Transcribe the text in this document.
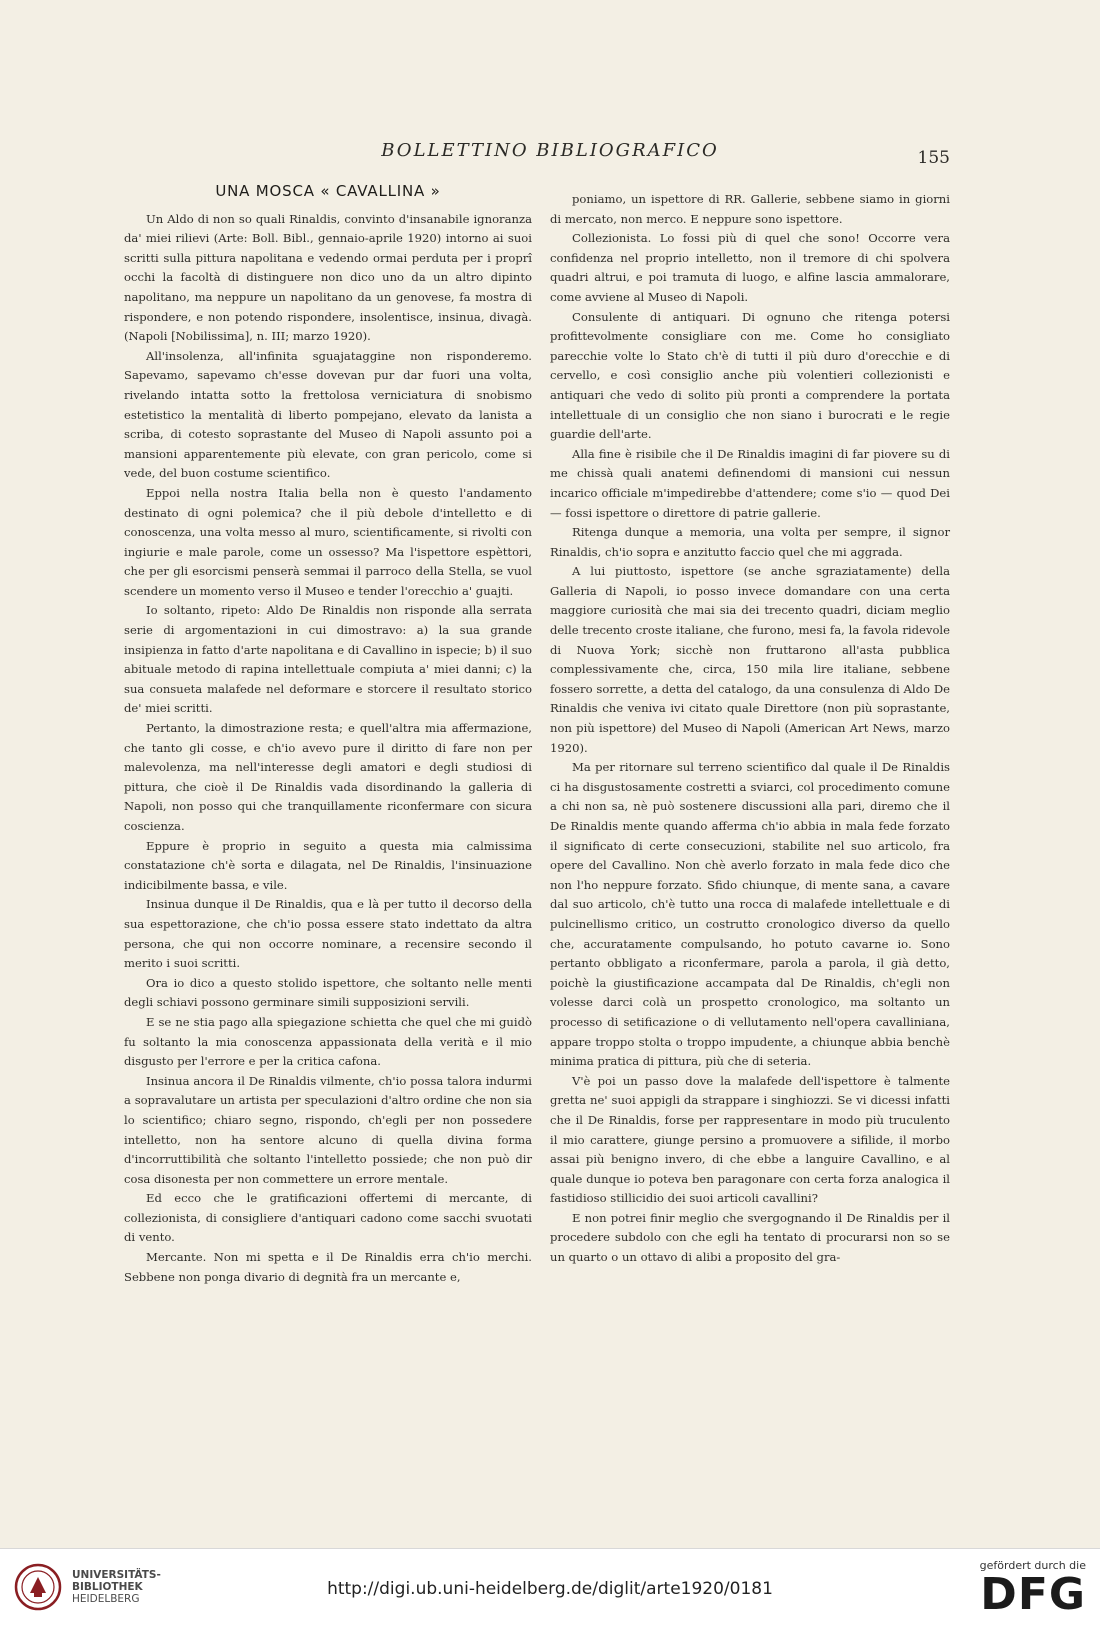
BOLLETTINO BIBLIOGRAFICO	155
UNA MOSCA « CAVALLINA »

Un Aldo di non so quali Rinaldis, convinto d'insanabile ignoranza da' miei rilievi (Arte: Boll. Bibl., gennaio-aprile 1920) intorno ai suoi scritti sulla pittura napolitana e vedendo ormai perduta per i proprî occhi la facoltà di distinguere non dico uno da un altro dipinto napolitano, ma neppure un napolitano da un genovese, fa mostra di rispondere, e non potendo rispondere, insolentisce, insinua, divagà. (Napoli [Nobilissima], n. III; marzo 1920).

All'insolenza, all'infinita sguajataggine non risponderemo. Sapevamo, sapevamo ch'esse dovevan pur dar fuori una volta, rivelando intatta sotto la frettolosa verniciatura di snobismo estetistico la mentalità di liberto pompejano, elevato da lanista a scriba, di cotesto soprastante del Museo di Napoli assunto poi a mansioni apparentemente più elevate, con gran pericolo, come si vede, del buon costume scientifico.

Eppoi nella nostra Italia bella non è questo l'andamento destinato di ogni polemica? che il più debole d'intelletto e di conoscenza, una volta messo al muro, scientificamente, si rivolti con ingiurie e male parole, come un ossesso? Ma l'ispettore espèttori, che per gli esorcismi penserà semmai il parroco della Stella, se vuol scendere un momento verso il Museo e tender l'orecchio a' guajti.

Io soltanto, ripeto: Aldo De Rinaldis non risponde alla serrata serie di argomentazioni in cui dimostravo: a) la sua grande insipienza in fatto d'arte napolitana e di Cavallino in ispecie; b) il suo abituale metodo di rapina intellettuale compiuta a' miei danni; c) la sua consueta malafede nel deformare e storcere il resultato storico de' miei scritti.

Pertanto, la dimostrazione resta; e quell'altra mia affermazione, che tanto gli cosse, e ch'io avevo pure il diritto di fare non per malevolenza, ma nell'interesse degli amatori e degli studiosi di pittura, che cioè il De Rinaldis vada disordinando la galleria di Napoli, non posso qui che tranquillamente riconfermare con sicura coscienza.

Eppure è proprio in seguito a questa mia calmissima constatazione ch'è sorta e dilagata, nel De Rinaldis, l'insinuazione indicibilmente bassa, e vile.

Insinua dunque il De Rinaldis, qua e là per tutto il decorso della sua espettorazione, che ch'io possa essere stato indettato da altra persona, che qui non occorre nominare, a recensire secondo il merito i suoi scritti.

Ora io dico a questo stolido ispettore, che soltanto nelle menti degli schiavi possono germinare simili supposizioni servili.

E se ne stia pago alla spiegazione schietta che quel che mi guidò fu soltanto la mia conoscenza appassionata della verità e il mio disgusto per l'errore e per la critica cafona.

Insinua ancora il De Rinaldis vilmente, ch'io possa talora indurmi a sopravalutare un artista per speculazioni d'altro ordine che non sia lo scientifico; chiaro segno, rispondo, ch'egli per non possedere intelletto, non ha sentore alcuno di quella divina forma d'incorruttibilità che soltanto l'intelletto possiede; che non può dir cosa disonesta per non commettere un errore mentale.

Ed ecco che le gratificazioni offertemi di mercante, di collezionista, di consigliere d'antiquari cadono come sacchi svuotati di vento.

Mercante. Non mi spetta e il De Rinaldis erra ch'io merchi. Sebbene non ponga divario di degnità fra un mercante e,

poniamo, un ispettore di RR. Gallerie, sebbene siamo in giorni di mercato, non merco. E neppure sono ispettore.

Collezionista. Lo fossi più di quel che sono! Occorre vera confidenza nel proprio intelletto, non il tremore di chi spolvera quadri altrui, e poi tramuta di luogo, e alfine lascia ammalorare, come avviene al Museo di Napoli.

Consulente di antiquari. Di ognuno che ritenga potersi profittevolmente consigliare con me. Come ho consigliato parecchie volte lo Stato ch'è di tutti il più duro d'orecchie e di cervello, e così consiglio anche più volentieri collezionisti e antiquari che vedo di solito più pronti a comprendere la portata intellettuale di un consiglio che non siano i burocrati e le regie guardie dell'arte.

Alla fine è risibile che il De Rinaldis imagini di far piovere su di me chissà quali anatemi definendomi di mansioni cui nessun incarico officiale m'impedirebbe d'attendere; come s'io — quod Dei — fossi ispettore o direttore di patrie gallerie.

Ritenga dunque a memoria, una volta per sempre, il signor Rinaldis, ch'io sopra e anzitutto faccio quel che mi aggrada.

A lui piuttosto, ispettore (se anche sgraziatamente) della Galleria di Napoli, io posso invece domandare con una certa maggiore curiosità che mai sia dei trecento quadri, diciam meglio delle trecento croste italiane, che furono, mesi fa, la favola ridevole di Nuova York; sicchè non fruttarono all'asta pubblica complessivamente che, circa, 150 mila lire italiane, sebbene fossero sorrette, a detta del catalogo, da una consulenza di Aldo De Rinaldis che veniva ivi citato quale Direttore (non più soprastante, non più ispettore) del Museo di Napoli (American Art News, marzo 1920).

Ma per ritornare sul terreno scientifico dal quale il De Rinaldis ci ha disgustosamente costretti a sviarci, col procedimento comune a chi non sa, nè può sostenere discussioni alla pari, diremo che il De Rinaldis mente quando afferma ch'io abbia in mala fede forzato il significato di certe consecuzioni, stabilite nel suo articolo, fra opere del Cavallino. Non chè averlo forzato in mala fede dico che non l'ho neppure forzato. Sfido chiunque, di mente sana, a cavare dal suo articolo, ch'è tutto una rocca di malafede intellettuale e di pulcinellismo critico, un costrutto cronologico diverso da quello che, accuratamente compulsando, ho potuto cavarne io. Sono pertanto obbligato a riconfermare, parola a parola, il già detto, poichè la giustificazione accampata dal De Rinaldis, ch'egli non volesse darci colà un prospetto cronologico, ma soltanto un processo di setificazione o di vellutamento nell'opera cavalliniana, appare troppo stolta o troppo impudente, a chiunque abbia benchè minima pratica di pittura, più che di seteria.

V'è poi un passo dove la malafede dell'ispettore è talmente gretta ne' suoi appigli da strappare i singhiozzi. Se vi dicessi infatti che il De Rinaldis, forse per rappresentare in modo più truculento il mio carattere, giunge persino a promuovere a sifilide, il morbo assai più benigno invero, di che ebbe a languire Cavallino, e al quale dunque io poteva ben paragonare con certa forza analogica il fastidioso stillicidio dei suoi articoli cavallini?

E non potrei finir meglio che svergognando il De Rinaldis per il procedere subdolo con che egli ha tentato di procurarsi non so se un quarto o un ottavo di alibi a proposito del gra-

UNIVERSITÄTS-
BIBLIOTHEK
HEIDELBERG	http://digi.ub.uni-heidelberg.de/diglit/arte1920/0181
gefördert durch die
DFG
